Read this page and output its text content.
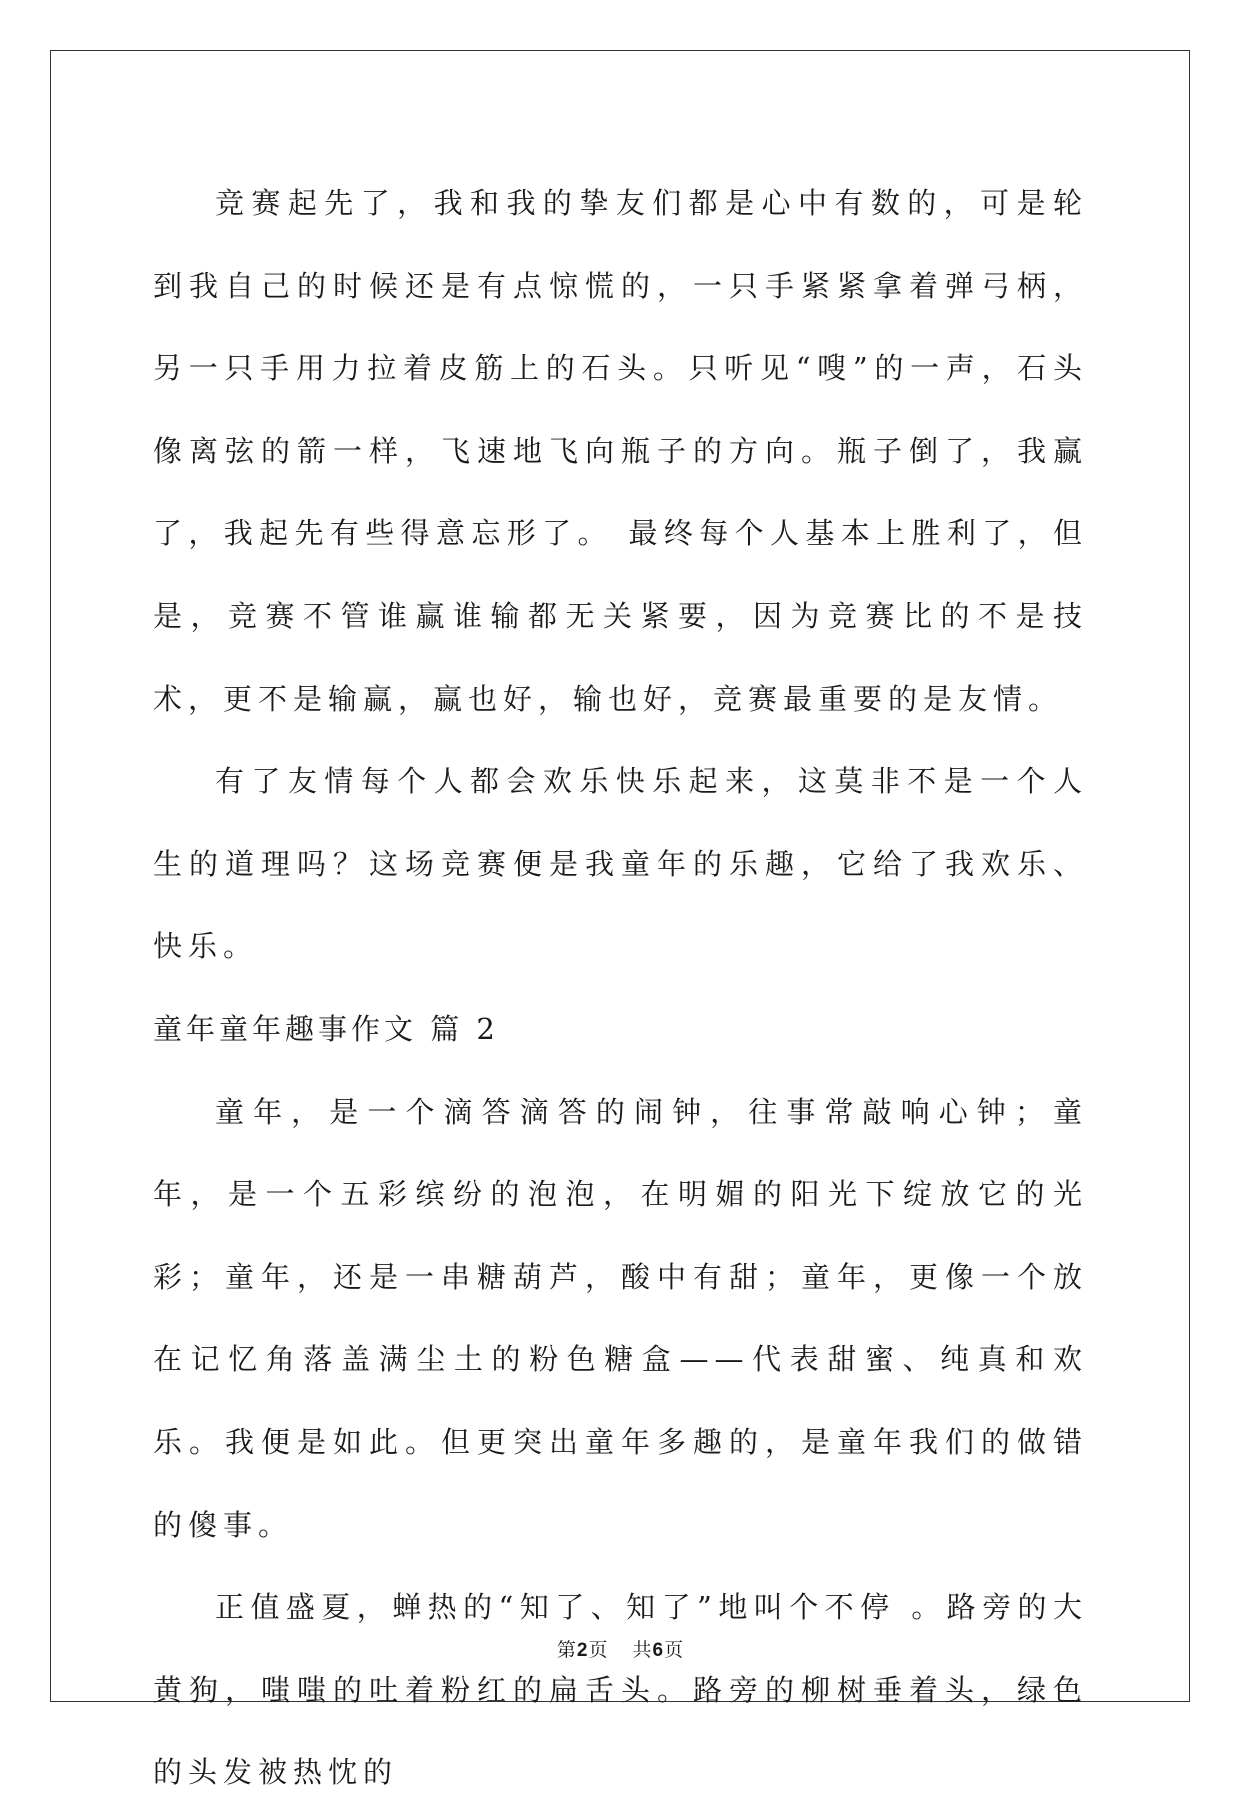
竞赛起先了，我和我的挚友们都是心中有数的，可是轮到我自己的时候还是有点惊慌的，一只手紧紧拿着弹弓柄，另一只手用力拉着皮筋上的石头。只听见“嗖”的一声，石头像离弦的箭一样，飞速地飞向瓶子的方向。瓶子倒了，我赢了，我起先有些得意忘形了。 最终每个人基本上胜利了，但是，竞赛不管谁赢谁输都无关紧要，因为竞赛比的不是技术，更不是输赢，赢也好，输也好，竞赛最重要的是友情。

有了友情每个人都会欢乐快乐起来，这莫非不是一个人生的道理吗？这场竞赛便是我童年的乐趣，它给了我欢乐、快乐。

童年童年趣事作文 篇 2

童年，是一个滴答滴答的闹钟，往事常敲响心钟；童年，是一个五彩缤纷的泡泡，在明媚的阳光下绽放它的光彩；童年，还是一串糖葫芦，酸中有甜；童年，更像一个放在记忆角落盖满尘土的粉色糖盒——代表甜蜜、纯真和欢乐。我便是如此。但更突出童年多趣的，是童年我们的做错的傻事。

正值盛夏，蝉热的“知了、知了”地叫个不停 。路旁的大黄狗，嗤嗤的吐着粉红的扁舌头。路旁的柳树垂着头，绿色的头发被热忱的

第2页 共6页
